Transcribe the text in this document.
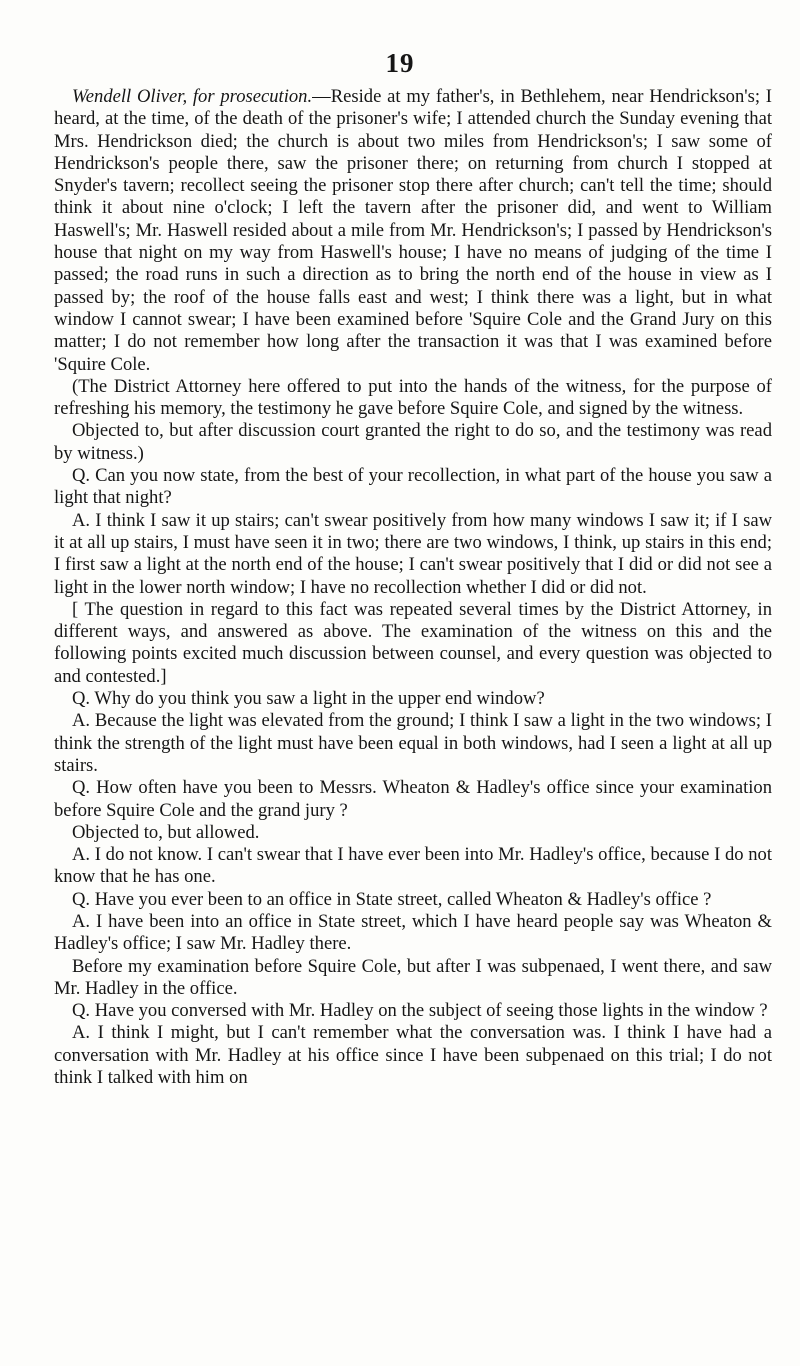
19

Wendell Oliver, for prosecution.—Reside at my father's, in Bethlehem, near Hendrickson's; I heard, at the time, of the death of the prisoner's wife; I attended church the Sunday evening that Mrs. Hendrickson died; the church is about two miles from Hendrickson's; I saw some of Hendrickson's people there, saw the prisoner there; on returning from church I stopped at Snyder's tavern; recollect seeing the prisoner stop there after church; can't tell the time; should think it about nine o'clock; I left the tavern after the prisoner did, and went to William Haswell's; Mr. Haswell resided about a mile from Mr. Hendrickson's; I passed by Hendrickson's house that night on my way from Haswell's house; I have no means of judging of the time I passed; the road runs in such a direction as to bring the north end of the house in view as I passed by; the roof of the house falls east and west; I think there was a light, but in what window I cannot swear; I have been examined before 'Squire Cole and the Grand Jury on this matter; I do not remember how long after the transaction it was that I was examined before 'Squire Cole.

(The District Attorney here offered to put into the hands of the witness, for the purpose of refreshing his memory, the testimony he gave before Squire Cole, and signed by the witness.

Objected to, but after discussion court granted the right to do so, and the testimony was read by witness.)

Q. Can you now state, from the best of your recollection, in what part of the house you saw a light that night?

A. I think I saw it up stairs; can't swear positively from how many windows I saw it; if I saw it at all up stairs, I must have seen it in two; there are two windows, I think, up stairs in this end; I first saw a light at the north end of the house; I can't swear positively that I did or did not see a light in the lower north window; I have no recollection whether I did or did not.

[ The question in regard to this fact was repeated several times by the District Attorney, in different ways, and answered as above. The examination of the witness on this and the following points excited much discussion between counsel, and every question was objected to and contested.]

Q. Why do you think you saw a light in the upper end window?

A. Because the light was elevated from the ground; I think I saw a light in the two windows; I think the strength of the light must have been equal in both windows, had I seen a light at all up stairs.

Q. How often have you been to Messrs. Wheaton & Hadley's office since your examination before Squire Cole and the grand jury ?

Objected to, but allowed.

A. I do not know. I can't swear that I have ever been into Mr. Hadley's office, because I do not know that he has one.

Q. Have you ever been to an office in State street, called Wheaton & Hadley's office ?

A. I have been into an office in State street, which I have heard people say was Wheaton & Hadley's office; I saw Mr. Hadley there.

Before my examination before Squire Cole, but after I was subpenaed, I went there, and saw Mr. Hadley in the office.

Q. Have you conversed with Mr. Hadley on the subject of seeing those lights in the window ?

A. I think I might, but I can't remember what the conversation was. I think I have had a conversation with Mr. Hadley at his office since I have been subpenaed on this trial; I do not think I talked with him on
